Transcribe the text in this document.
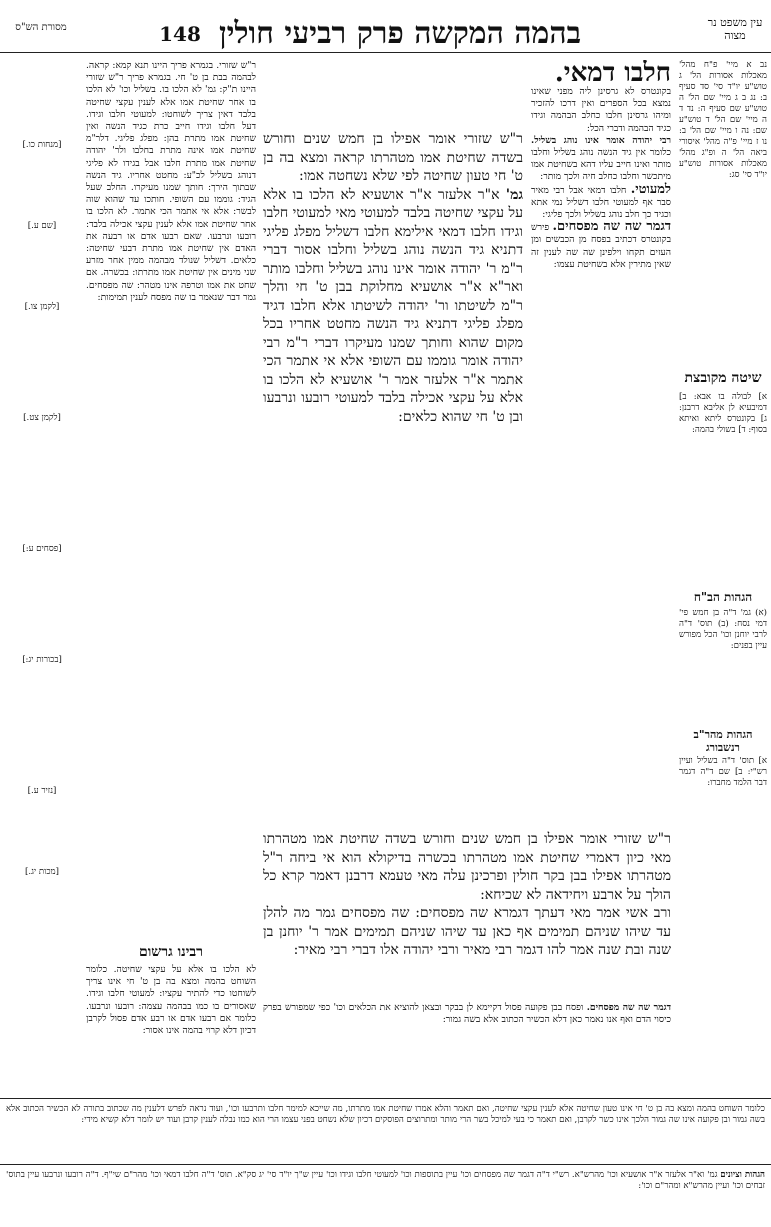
עין משפט נר מצוה
בהמה המקשה פרק רביעי חולין
148
מסורת הש"ס

נב א מיי' פ"ח מהל' מאכלות אסורות הל' ג טוש"ע יו"ד סי' סד סעיף ב: נג ב ג מיי' שם הל' ה טוש"ע שם סעיף ה: נד ד ה מיי' שם הל' ד טוש"ע שם: נה ו מיי' שם הל' ב: נו ז מיי' פ"ה מהל' איסורי ביאה הל' ה ופ"ג מהל' מאכלות אסורות טוש"ע יו"ד סי' סג:

שיטה מקובצת

א] לבולה בו אבא: ב] דמיבעיא לן אליבא דרבנן: ג] בקונטרס ליתא ואיתא בסוף: ד] בשולי בהמה:

הגהות הב"ח

(א) גמ' ד"ה בן חמש פי' דמי נסח: (ב) תוס' ד"ה לרבי יוחנן וכו' הכל מפורש עיין בפנים:

הגהות מהר"ב רנשבורג

א] תוס' ד"ה בשליל ועיין רש"י: ב] שם ד"ה דגמר דבר הלמד מחברו:

חלבו דמאי.
בקונטרס לא גרסינן ליה מפני שאינו נמצא בכל הספרים ואין דרכו להזכיר ומיהו גרסינן חלבו כחלב הבהמה וגידו כגיד הבהמה ודברי הכל:

רבי יהודה אומר אינו נוהג בשליל. כלומר אין גיד הנשה נוהג בשליל וחלבו מותר ואינו חייב עליו דהא בשחיטת אמו מיתכשר וחלבו כחלב חיה ולכך מותר:

למעוטי. חלבו דמאי אבל רבי מאיר סבר אף למעוטי חלבו דשליל נמי אתא וכגיד כך חלב נוהג בשליל ולכך פליגי:

דגמר שה שה מפסחים. פירש בקונטרס דכתיב בפסח מן הכבשים ומן העזים תקחו וילפינן שה שה לענין זה שאין מתירין אלא בשחיטת עצמו:

ר"ש שזורי אומר אפילו בן חמש שנים וחורש בשדה שחיטת אמו מטהרתו קראה ומצא בה בן ט' חי טעון שחיטה לפי שלא נשחטה אמו:

גמ' א"ר אלעזר א"ר אושעיא לא הלכו בו אלא על עקצי שחיטה בלבד למעוטי מאי למעוטי חלבו וגידו חלבו דמאי אילימא חלבו דשליל מפלג פליגי דתניא גיד הנשה נוהג בשליל וחלבו אסור דברי ר"מ ר' יהודה אומר אינו נוהג בשליל וחלבו מותר ואר"א א"ר אושעיא מחלוקת בבן ט' חי והלך ר"מ לשיטתו ור' יהודה לשיטתו אלא חלבו דגיד מפלג פליגי דתניא גיד הנשה מחטט אחריו בכל מקום שהוא וחותך שמנו מעיקרו דברי ר"מ רבי יהודה אומר גוממו עם השופי אלא אי אתמר הכי אתמר א"ר אלעזר אמר ר' אושעיא לא הלכו בו אלא על עקצי אכילה בלבד למעוטי רובעו ונרבעו ובן ט' חי שהוא כלאים:

ר"ש שזורי אומר אפילו בן חמש שנים וחורש בשדה שחיטת אמו מטהרתו מאי כיון דאמרי שחיטת אמו מטהרתו בכשרה בדיקולא הוא אי ביחה ר"ל מטהרתו אפילו בבן בקר חולין ופרכינן עלה מאי טעמא דרבנן דאמר קרא כל הולך על ארבע ויחידאה לא שכיחא:

ורב אשי אמר מאי דעתך דגמרא שה מפסחים: שה מפסחים גמר מה להלן עד שיהו שניהם תמימים אף כאן עד שיהו שניהם תמימים אמר ר' יוחנן בן שנה ובת שנה אמר להו דגמר רבי מאיר ורבי יהודה אלו דברי רבי מאיר:

ר"ש שזורי. בגמרא פריך היינו תנא קמא: קראה. לבהמה בבת בן ט' חי. בגמרא פריך ר"ש שזורי היינו ת"ק: גמ' לא הלכו בו. בשליל וכו' לא הלכו בו אחר שחיטת אמו אלא לענין עקצי שחיטה בלבד דאין צריך לשוחטו: למעוטי חלבו וגידו. דעל חלבו וגידו חייב כרת כגיד הנשה ואין שחיטת אמו מתרת בהן: מפלג פליגי. דלר"מ שחיטת אמו אינה מתרת בחלבו ולר' יהודה שחיטת אמו מתרת חלבו אבל בגידו לא פליגי דנוהג בשליל לכ"ע: מחטט אחריו. גיד הנשה שבתוך הירך: חותך שמנו מעיקרו. החלב שעל הגיד: גוממו עם השופי. חותכו עד שהוא שוה לבשר: אלא אי אתמר הכי אתמר. לא הלכו בו אחר שחיטת אמו אלא לענין עקצי אכילה בלבד: רובעו ונרבעו. שאם רבעו אדם או רבעה את האדם אין שחיטת אמו מתרת דבעי שחיטה: כלאים. דשליל שנולד מבהמה ממין אחר מזרע שני מינים אין שחיטת אמו מתרתו: בכשרה. אם שחט את אמו וטרפה אינו מטהר: שה מפסחים. גמר דבר שנאמר בו שה מפסח לענין תמימות:

רבינו גרשום

לא הלכו בו אלא על עקצי שחיטה. כלומר השוחט בהמה ומצא בה בן ט' חי אינו צריך לשוחטו כדי להתיר עקציו: למעוטי חלבו וגידו. שאסורים בו כמו בבהמה עצמה: רובעו ונרבעו. כלומר אם רבעו אדם או רבע אדם פסול לקרבן דכיון דלא קרוי בהמה אינו אסור:

[מנחות כו.]
[שם ע.]
[לקמן צו.]
[לקמן צט.]
[פסחים ע:]
[בכורות יג:]
[נזיר ע.]
[מכות יג.]

דגמר שה שה מפסחים. ופסח בבן פקועה פסול דקיימא לן בבקר ובצאן להוציא את הכלאים וכו' כפי שמפורש בפרק כיסוי הדם ואף אנו נאמר כאן דלא הכשיר הכתוב אלא בשה גמור:

כלומר השוחט בהמה ומצא בה בן ט' חי אינו טעון שחיטה אלא לענין עקצי שחיטה, ואם תאמר והלא אמרו שחיטת אמו מתרתו, מה שייכא למימר חלבו ותרבעו וכו', ועוד נראה לפרש דלענין מה שכתוב בתורה לא הכשיר הכתוב אלא בשה גמור ובן פקועה אינו שה גמור הלכך אינו כשר לקרבן, ואם תאמר כי בעי למיכל בשר הרי מותר ומתרוצים הפוסקים דכיון שלא נשחט בפני עצמו הרי הוא כמו נבלה לענין קרבן ועוד יש לומר דלא קשיא מידי:
הגהות וציונים גמ' וא"ר אלעזר א"ר אושעיא וכו' מהרש"א. רש"י ד"ה דגמר שה מפסחים וכו' עיין בתוספות וכו' למעוטי חלבו וגידו וכו' עיין ש"ך יו"ד סי' יג סק"א. תוס' ד"ה חלבו דמאי וכו' מהר"ם שי"ף. ד"ה רובעו ונרבעו עיין בתוס' זבחים וכו' ועיין מהרש"א ומהר"ם וכו':
